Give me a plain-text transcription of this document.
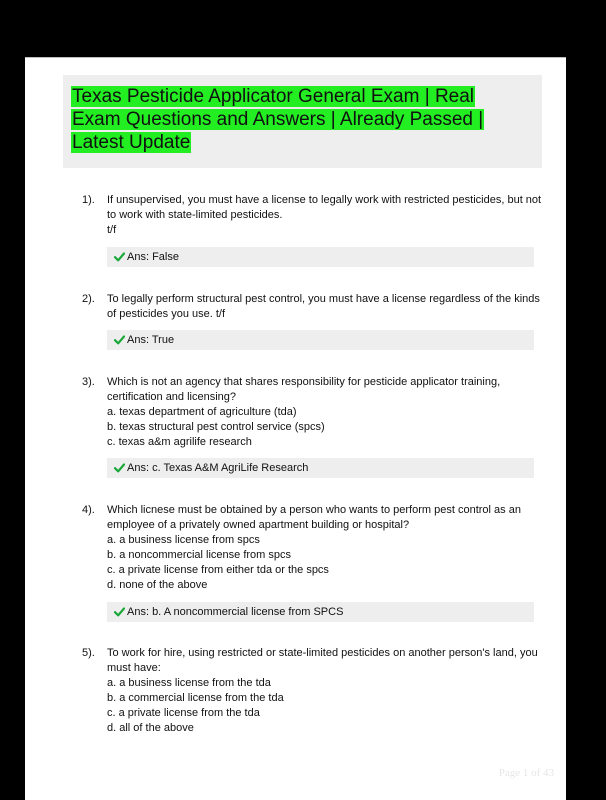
Texas Pesticide Applicator General Exam | Real
Exam Questions and Answers | Already Passed |
Latest Update
1). If unsupervised, you must have a license to legally work with restricted pesticides, but not
to work with state-limited pesticides.
t/f
Ans: False
2). To legally perform structural pest control, you must have a license regardless of the kinds
of pesticides you use. t/f
Ans: True
3). Which is not an agency that shares responsibility for pesticide applicator training,
certification and licensing?
a. texas department of agriculture (tda)
b. texas structural pest control service (spcs)
c. texas a&m agrilife research
Ans: c. Texas A&M AgriLife Research
4). Which licnese must be obtained by a person who wants to perform pest control as an
employee of a privately owned apartment building or hospital?
a. a business license from spcs
b. a noncommercial license from spcs
c. a private license from either tda or the spcs
d. none of the above
Ans: b. A noncommercial license from SPCS
5). To work for hire, using restricted or state-limited pesticides on another person's land, you
must have:
a. a business license from the tda
b. a commercial license from the tda
c. a private license from the tda
d. all of the above
Page 1 of 43
